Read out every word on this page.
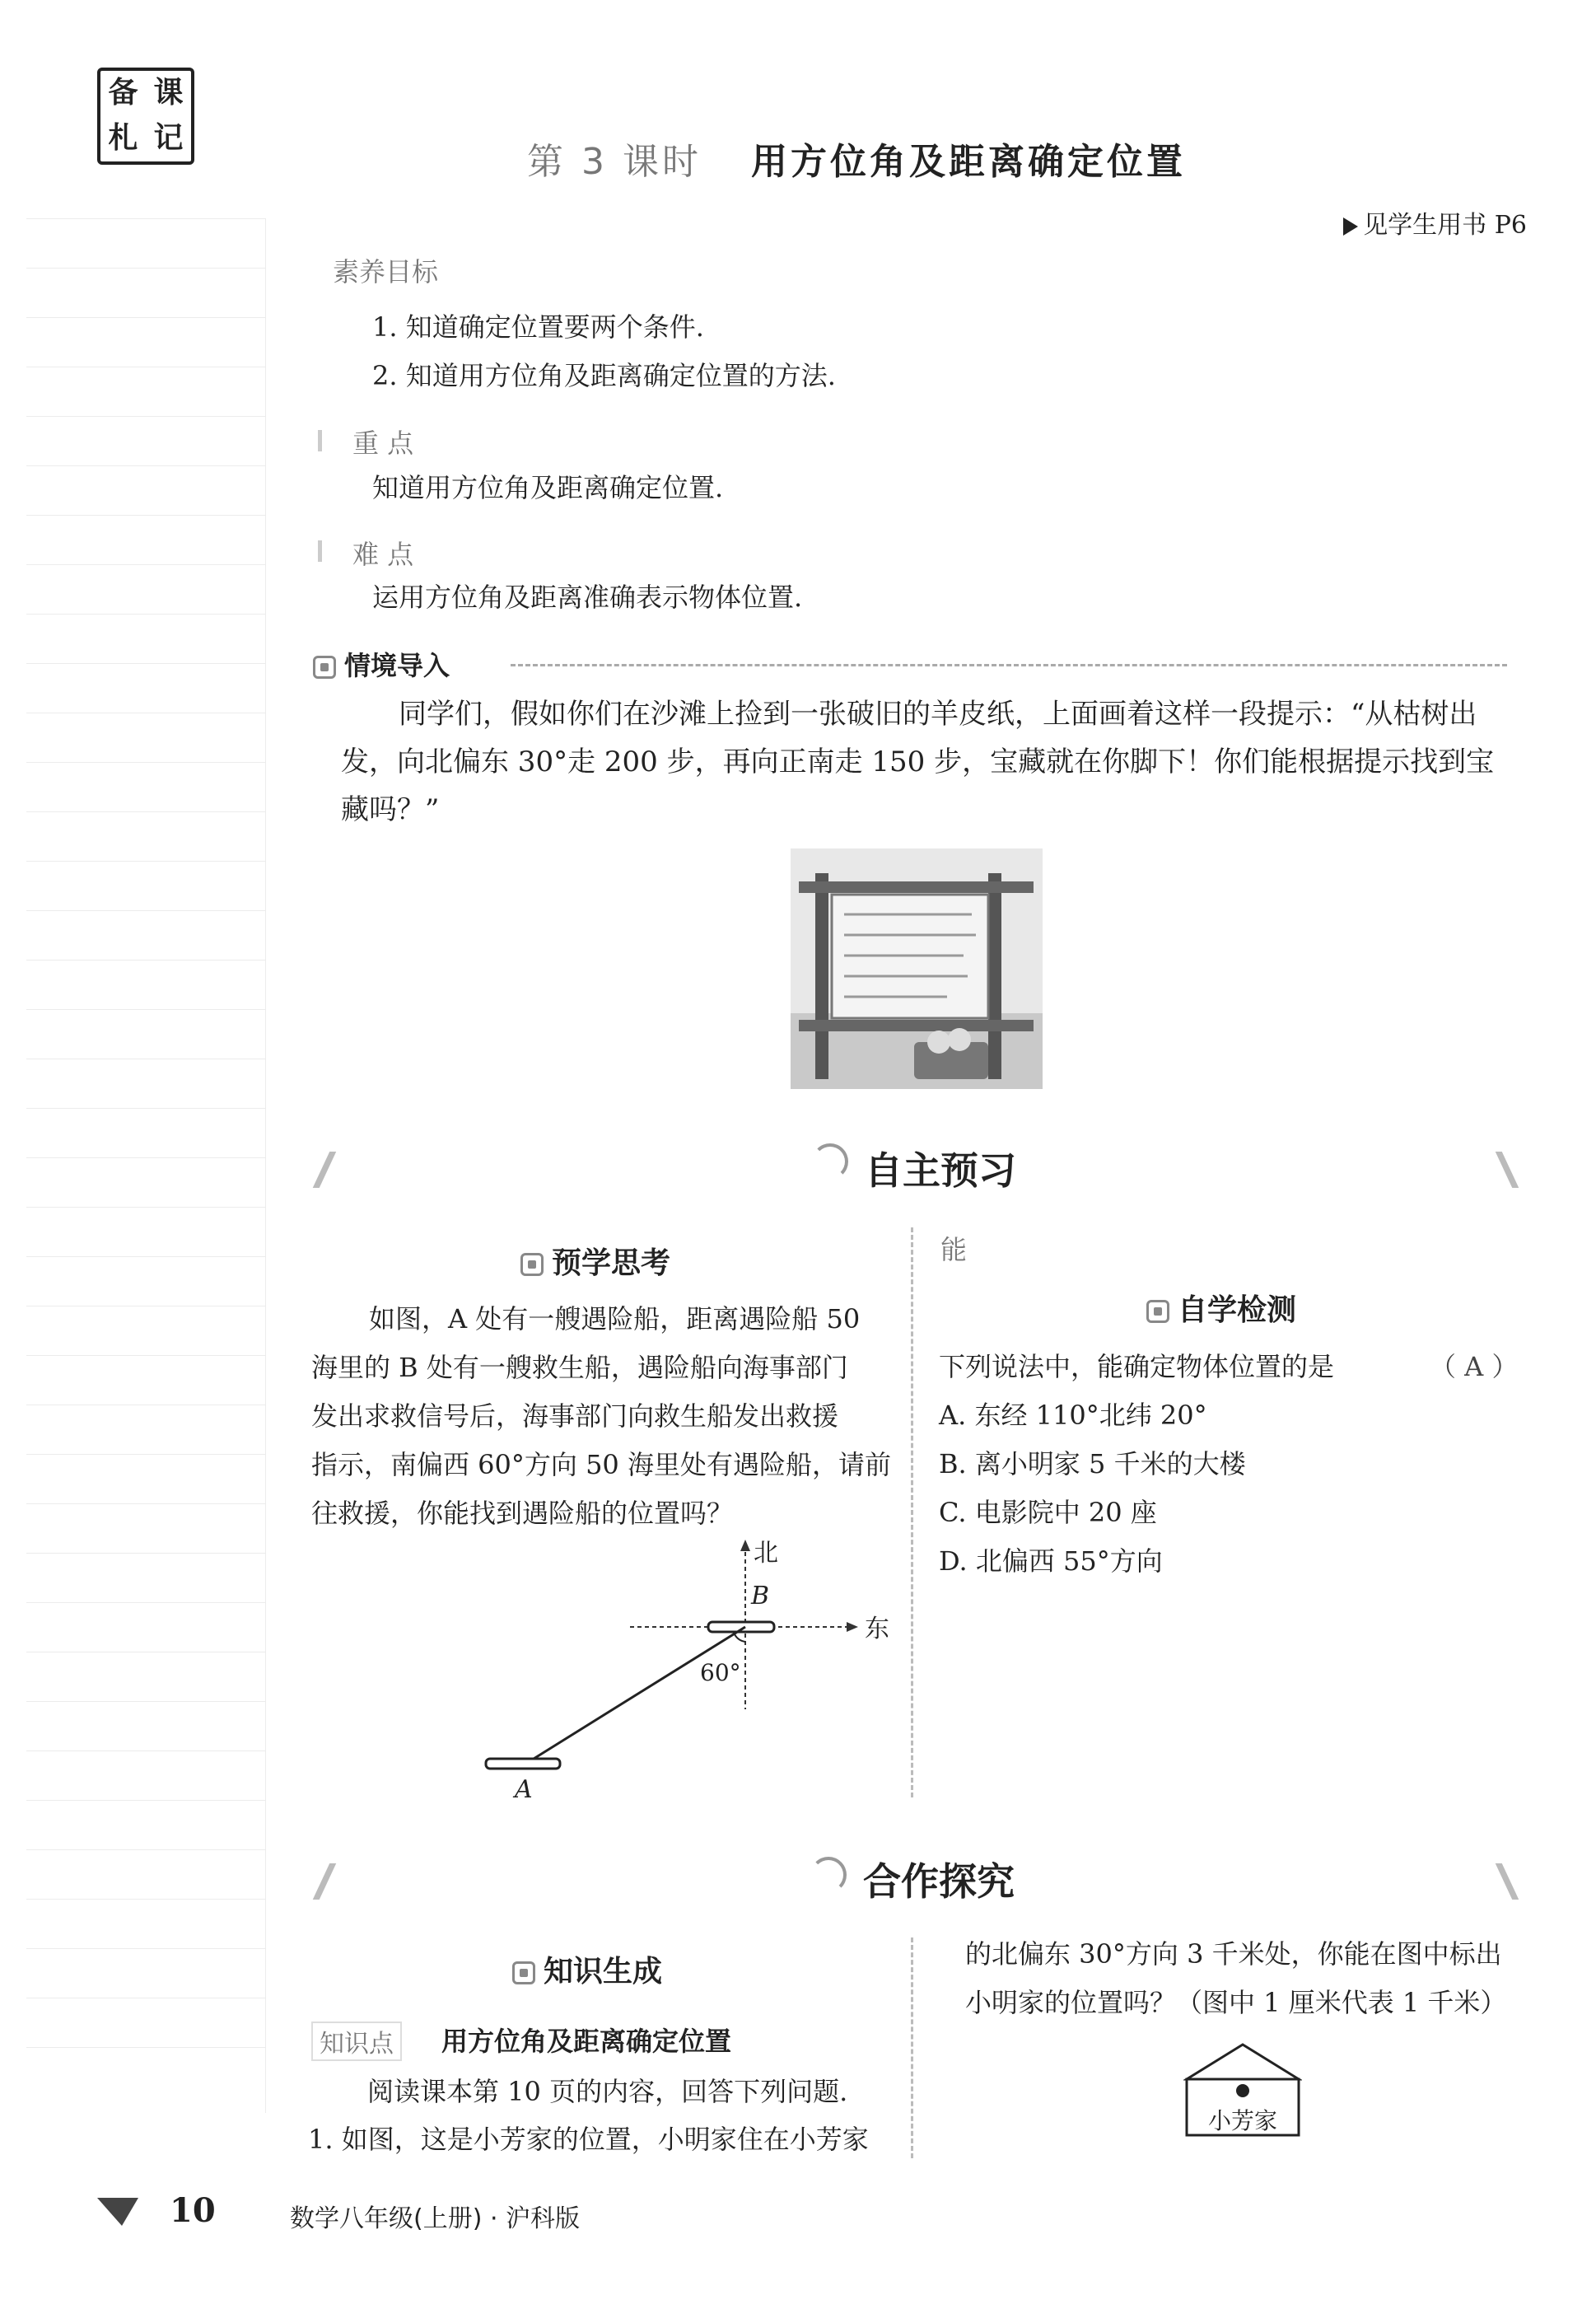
备 课
札 记
第 3 课时 用方位角及距离确定位置
见学生用书 P6
素养目标
1. 知道确定位置要两个条件.
2. 知道用方位角及距离确定位置的方法.
重 点
知道用方位角及距离确定位置.
难 点
运用方位角及距离准确表示物体位置.
情境导入
同学们，假如你们在沙滩上捡到一张破旧的羊皮纸，上面画着这样一段提示：“从枯树出
发，向北偏东 30°走 200 步，再向正南走 150 步，宝藏就在你脚下！你们能根据提示找到宝
藏吗？”
自主预习
预学思考
如图，A 处有一艘遇险船，距离遇险船 50
海里的 B 处有一艘救生船，遇险船向海事部门
发出求救信号后，海事部门向救生船发出救援
指示，南偏西 60°方向 50 海里处有遇险船，请前
往救援，你能找到遇险船的位置吗？
北
东
B
60°
A
能
自学检测
下列说法中，能确定物体位置的是	（ A ）
A. 东经 110°北纬 20°
B. 离小明家 5 千米的大楼
C. 电影院中 20 座
D. 北偏西 55°方向
合作探究
知识生成
知识点	用方位角及距离确定位置
阅读课本第 10 页的内容，回答下列问题.
1. 如图，这是小芳家的位置，小明家住在小芳家
的北偏东 30°方向 3 千米处，你能在图中标出
小明家的位置吗？（图中 1 厘米代表 1 千米）
小芳家
10	数学八年级(上册) · 沪科版
